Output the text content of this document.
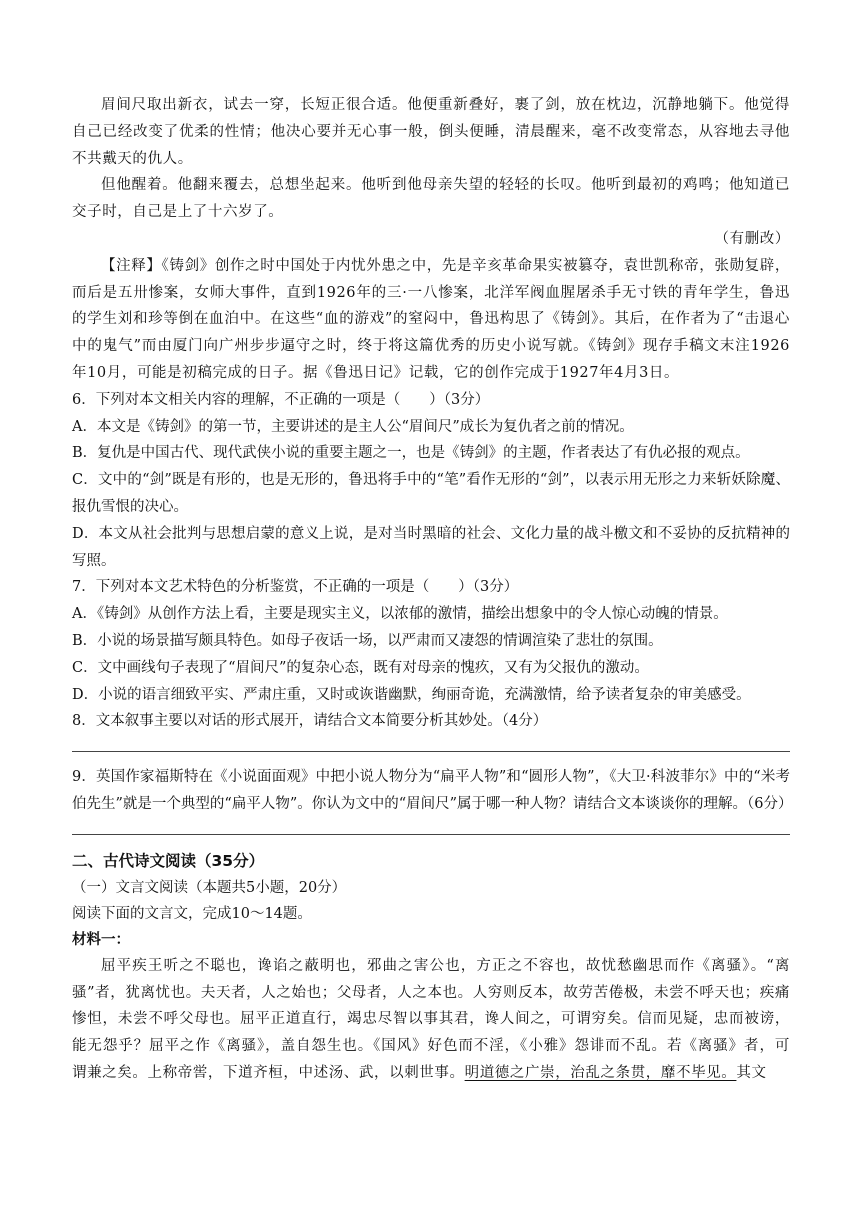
眉间尺取出新衣，试去一穿，长短正很合适。他便重新叠好，裹了剑，放在枕边，沉静地躺下。他觉得自己已经改变了优柔的性情；他决心要并无心事一般，倒头便睡，清晨醒来，毫不改变常态，从容地去寻他不共戴天的仇人。

但他醒着。他翻来覆去，总想坐起来。他听到他母亲失望的轻轻的长叹。他听到最初的鸡鸣；他知道已交子时，自己是上了十六岁了。

（有删改）

【注释】《铸剑》创作之时中国处于内忧外患之中，先是辛亥革命果实被篡夺，袁世凯称帝，张勋复辟，而后是五卅惨案，女师大事件，直到1926年的三·一八惨案，北洋军阀血腥屠杀手无寸铁的青年学生，鲁迅的学生刘和珍等倒在血泊中。在这些“血的游戏”的窒闷中，鲁迅构思了《铸剑》。其后，在作者为了“击退心中的鬼气”而由厦门向广州步步逼守之时，终于将这篇优秀的历史小说写就。《铸剑》现存手稿文末注1926年10月，可能是初稿完成的日子。据《鲁迅日记》记载，它的创作完成于1927年4月3日。

6．下列对本文相关内容的理解，不正确的一项是（　　）（3分）

A．本文是《铸剑》的第一节，主要讲述的是主人公“眉间尺”成长为复仇者之前的情况。

B．复仇是中国古代、现代武侠小说的重要主题之一，也是《铸剑》的主题，作者表达了有仇必报的观点。

C．文中的“剑”既是有形的，也是无形的，鲁迅将手中的“笔”看作无形的“剑”，以表示用无形之力来斩妖除魔、报仇雪恨的决心。

D．本文从社会批判与思想启蒙的意义上说，是对当时黑暗的社会、文化力量的战斗檄文和不妥协的反抗精神的写照。

7．下列对本文艺术特色的分析鉴赏，不正确的一项是（　　）（3分）

A．《铸剑》从创作方法上看，主要是现实主义，以浓郁的激情，描绘出想象中的令人惊心动魄的情景。

B．小说的场景描写颇具特色。如母子夜话一场，以严肃而又凄怨的情调渲染了悲壮的氛围。

C．文中画线句子表现了“眉间尺”的复杂心态，既有对母亲的愧疚，又有为父报仇的激动。

D．小说的语言细致平实、严肃庄重，又时或诙谐幽默，绚丽奇诡，充满激情，给予读者复杂的审美感受。

8．文本叙事主要以对话的形式展开，请结合文本简要分析其妙处。（4分）

9．英国作家福斯特在《小说面面观》中把小说人物分为“扁平人物”和“圆形人物”，《大卫·科波菲尔》中的“米考伯先生”就是一个典型的“扁平人物”。你认为文中的“眉间尺”属于哪一种人物？请结合文本谈谈你的理解。（6分）

二、古代诗文阅读（35分）

（一）文言文阅读（本题共5小题，20分）

阅读下面的文言文，完成10～14题。

材料一：

屈平疾王听之不聪也，谗谄之蔽明也，邪曲之害公也，方正之不容也，故忧愁幽思而作《离骚》。“离骚”者，犹离忧也。夫天者，人之始也；父母者，人之本也。人穷则反本，故劳苦倦极，未尝不呼天也；疾痛惨怛，未尝不呼父母也。屈平正道直行，竭忠尽智以事其君，谗人间之，可谓穷矣。信而见疑，忠而被谤，能无怨乎？屈平之作《离骚》，盖自怨生也。《国风》好色而不淫，《小雅》怨诽而不乱。若《离骚》者，可谓兼之矣。上称帝喾，下道齐桓，中述汤、武，以刺世事。明道德之广崇，治乱之条贯，靡不毕见。其文
